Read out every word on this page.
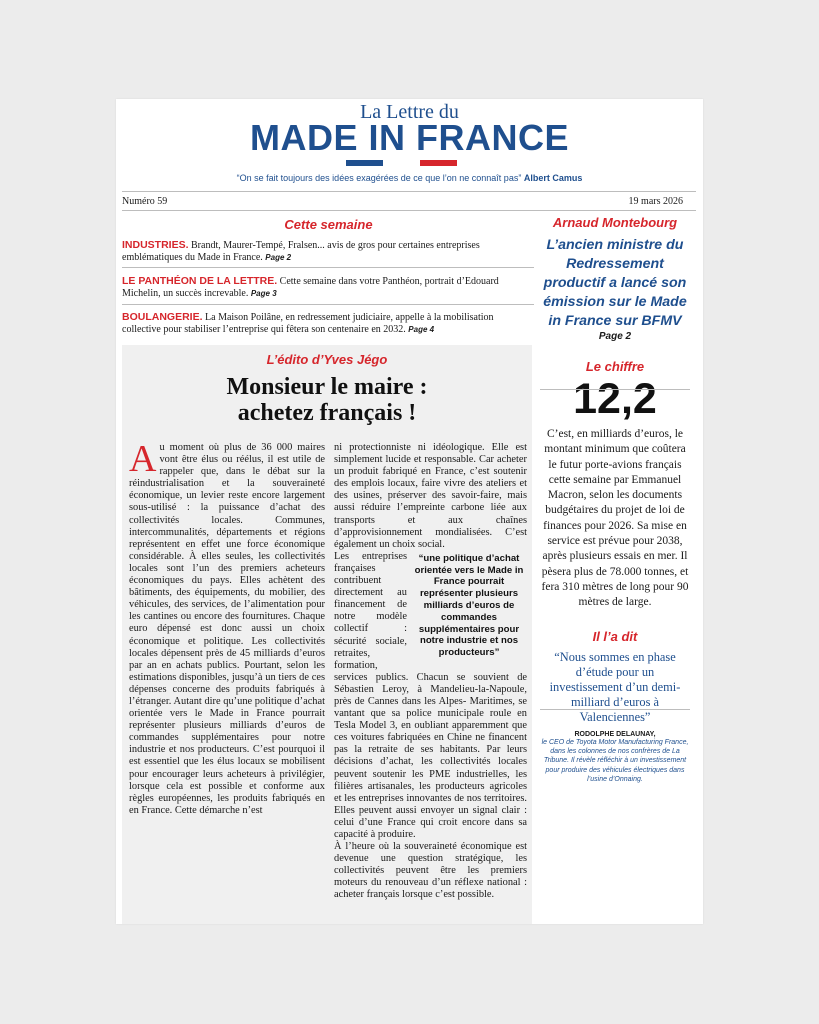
La Lettre du
MADE IN FRANCE
“On se fait toujours des idées exagérées de ce que l’on ne connaît pas” Albert Camus
Numéro 59	19 mars 2026
Cette semaine
INDUSTRIES. Brandt, Maurer-Tempé, Fralsen... avis de gros pour certaines entreprises emblématiques du Made in France. Page 2
LE PANTHÉON DE LA LETTRE. Cette semaine dans votre Panthéon, portrait d’Edouard Michelin, un succès increvable. Page 3
BOULANGERIE. La Maison Poilâne, en redressement judiciaire, appelle à la mobilisation collective pour stabiliser l’entreprise qui fêtera son centenaire en 2032. Page 4
L’édito d’Yves Jégo
Monsieur le maire :
achetez français !
Au moment où plus de 36 000 maires vont être élus ou réélus, il est utile de rappeler que, dans le débat sur la réindustrialisation et la souveraineté économique, un levier reste encore largement sous-utilisé : la puissance d’achat des collectivités locales. Communes, intercommunalités, départements et régions représentent en effet une force économique considérable. À elles seules, les collectivités locales sont l’un des premiers acheteurs économiques du pays. Elles achètent des bâtiments, des équipements, du mobilier, des véhicules, des services, de l’alimentation pour les cantines ou encore des fournitures. Chaque euro dépensé est donc aussi un choix économique et politique. Les collectivités locales dépensent près de 45 milliards d’euros par an en achats publics. Pourtant, selon les estimations disponibles, jusqu’à un tiers de ces dépenses concerne des produits fabriqués à l’étranger. Autant dire qu’une politique d’achat orientée vers le Made in France pourrait représenter plusieurs milliards d’euros de commandes supplémentaires pour notre industrie et nos producteurs. C’est pourquoi il est essentiel que les élus locaux se mobilisent pour encourager leurs acheteurs à privilégier, lorsque cela est possible et conforme aux règles européennes, les produits fabriqués en en France. Cette démarche n’est
ni protectionniste ni idéologique. Elle est simplement lucide et responsable. Car acheter un produit fabriqué en France, c’est soutenir des emplois locaux, faire vivre des ateliers et des usines, préserver des savoir-faire, mais aussi réduire l’empreinte carbone liée aux transports et aux chaînes d’approvisionnement mondialisées. C’est également un choix social.
“une politique d’achat orientée vers le Made in France pourrait représenter plusieurs milliards d’euros de commandes supplémentaires pour notre industrie et nos producteurs”
Les entreprises françaises contribuent directement au financement de notre modèle collectif : sécurité sociale, retraites, formation, services publics. Chacun se souvient de Sébastien Leroy, à Mandelieu-la-Napoule, près de Cannes dans les Alpes- Maritimes, se vantant que sa police municipale roule en Tesla Model 3, en oubliant apparemment que ces voitures fabriquées en Chine ne financent pas la retraite de ses habitants. Par leurs décisions d’achat, les collectivités locales peuvent soutenir les PME industrielles, les filières artisanales, les producteurs agricoles et les entreprises innovantes de nos territoires. Elles peuvent aussi envoyer un signal clair : celui d’une France qui croit encore dans sa capacité à produire.
À l’heure où la souveraineté économique est devenue une question stratégique, les collectivités peuvent être les premiers moteurs du renouveau d’un réflexe national : acheter français lorsque c’est possible.
Arnaud Montebourg
L’ancien ministre du Redressement productif a lancé son émission sur le Made in France sur BFMV
Page 2
Le chiffre
12,2
C’est, en milliards d’euros, le montant minimum que coûtera le futur porte-avions français cette semaine par Emmanuel Macron, selon les documents budgétaires du projet de loi de finances pour 2026. Sa mise en service est prévue pour 2038, après plusieurs essais en mer. Il pèsera plus de 78.000 tonnes, et fera 310 mètres de long pour 90 mètres de large.
Il l’a dit
“Nous sommes en phase d’étude pour un investissement d’un demi-milliard d’euros à Valenciennes”
RODOLPHE DELAUNAY,
le CEO de Toyota Motor Manufacturing France, dans les colonnes de nos confrères de La Tribune. Il révèle réfléchir à un investissement pour produire des véhicules électriques dans l’usine d’Onnaing.
